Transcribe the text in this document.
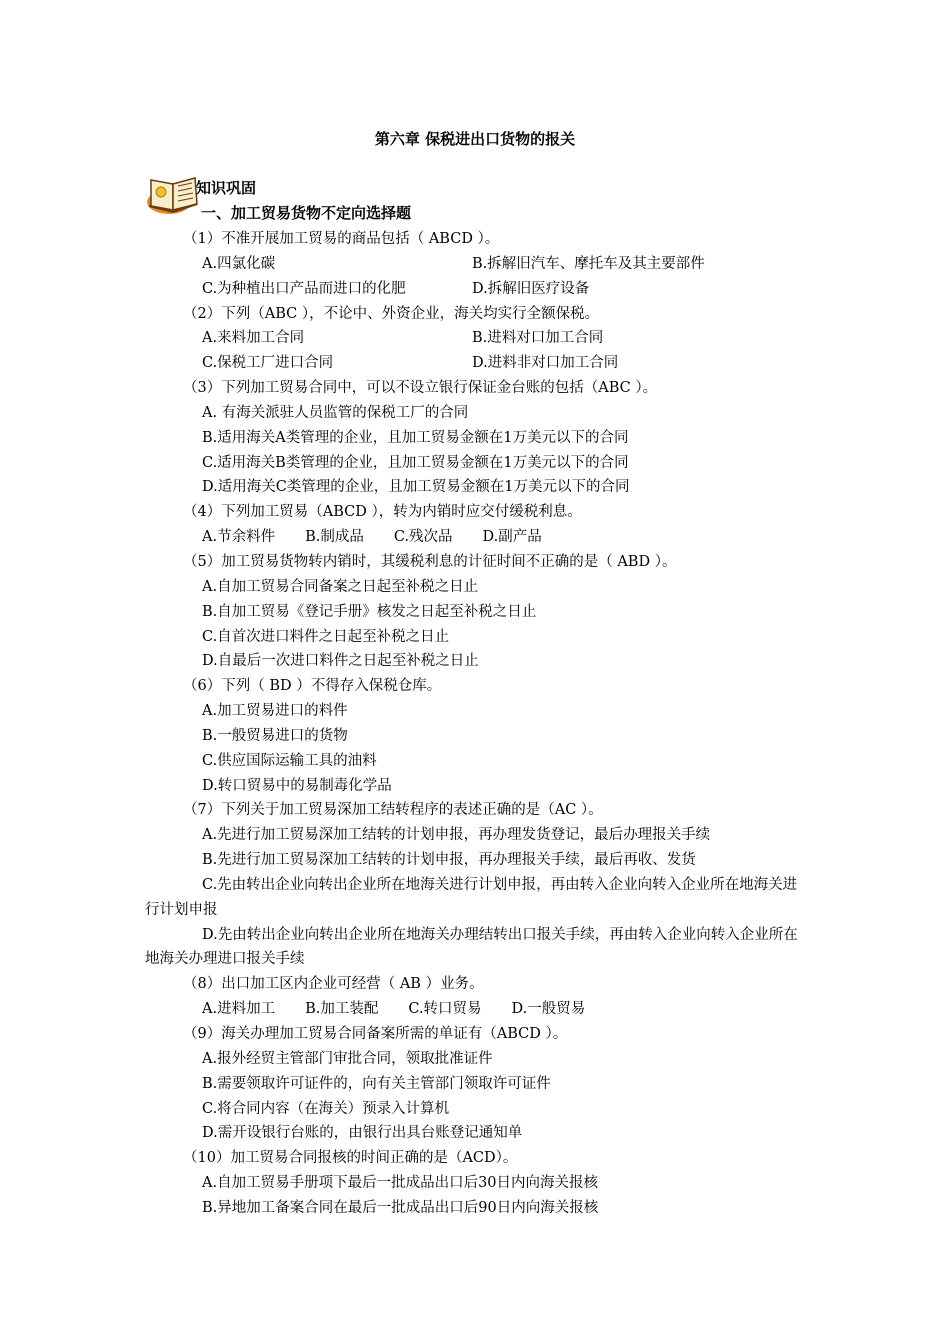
第六章 保税进出口货物的报关
知识巩固
一、加工贸易货物不定向选择题
（1）不准开展加工贸易的商品包括（ ABCD ）。
A.四氯化碳	B.拆解旧汽车、摩托车及其主要部件
C.为种植出口产品而进口的化肥	D.拆解旧医疗设备
（2）下列（ABC ），不论中、外资企业，海关均实行全额保税。
A.来料加工合同	B.进料对口加工合同
C.保税工厂进口合同	D.进料非对口加工合同
（3）下列加工贸易合同中，可以不设立银行保证金台账的包括（ABC ）。
A. 有海关派驻人员监管的保税工厂的合同
B.适用海关A类管理的企业，且加工贸易金额在1万美元以下的合同
C.适用海关B类管理的企业，且加工贸易金额在1万美元以下的合同
D.适用海关C类管理的企业，且加工贸易金额在1万美元以下的合同
（4）下列加工贸易（ABCD ），转为内销时应交付缓税利息。
A.节余料件 B.制成品 C.残次品 D.副产品
（5）加工贸易货物转内销时，其缓税利息的计征时间不正确的是（ ABD ）。
A.自加工贸易合同备案之日起至补税之日止
B.自加工贸易《登记手册》核发之日起至补税之日止
C.自首次进口料件之日起至补税之日止
D.自最后一次进口料件之日起至补税之日止
（6）下列（ BD ）不得存入保税仓库。
A.加工贸易进口的料件
B.一般贸易进口的货物
C.供应国际运输工具的油料
D.转口贸易中的易制毒化学品
（7）下列关于加工贸易深加工结转程序的表述正确的是（AC ）。
A.先进行加工贸易深加工结转的计划申报，再办理发货登记，最后办理报关手续
B.先进行加工贸易深加工结转的计划申报，再办理报关手续，最后再收、发货
C.先由转出企业向转出企业所在地海关进行计划申报，再由转入企业向转入企业所在地海关进行计划申报
D.先由转出企业向转出企业所在地海关办理结转出口报关手续，再由转入企业向转入企业所在地海关办理进口报关手续
（8）出口加工区内企业可经营（ AB ）业务。
A.进料加工 B.加工装配 C.转口贸易 D.一般贸易
（9）海关办理加工贸易合同备案所需的单证有（ABCD ）。
A.报外经贸主管部门审批合同，领取批准证件
B.需要领取许可证件的，向有关主管部门领取许可证件
C.将合同内容（在海关）预录入计算机
D.需开设银行台账的，由银行出具台账登记通知单
（10）加工贸易合同报核的时间正确的是（ACD）。
A.自加工贸易手册项下最后一批成品出口后30日内向海关报核
B.异地加工备案合同在最后一批成品出口后90日内向海关报核
